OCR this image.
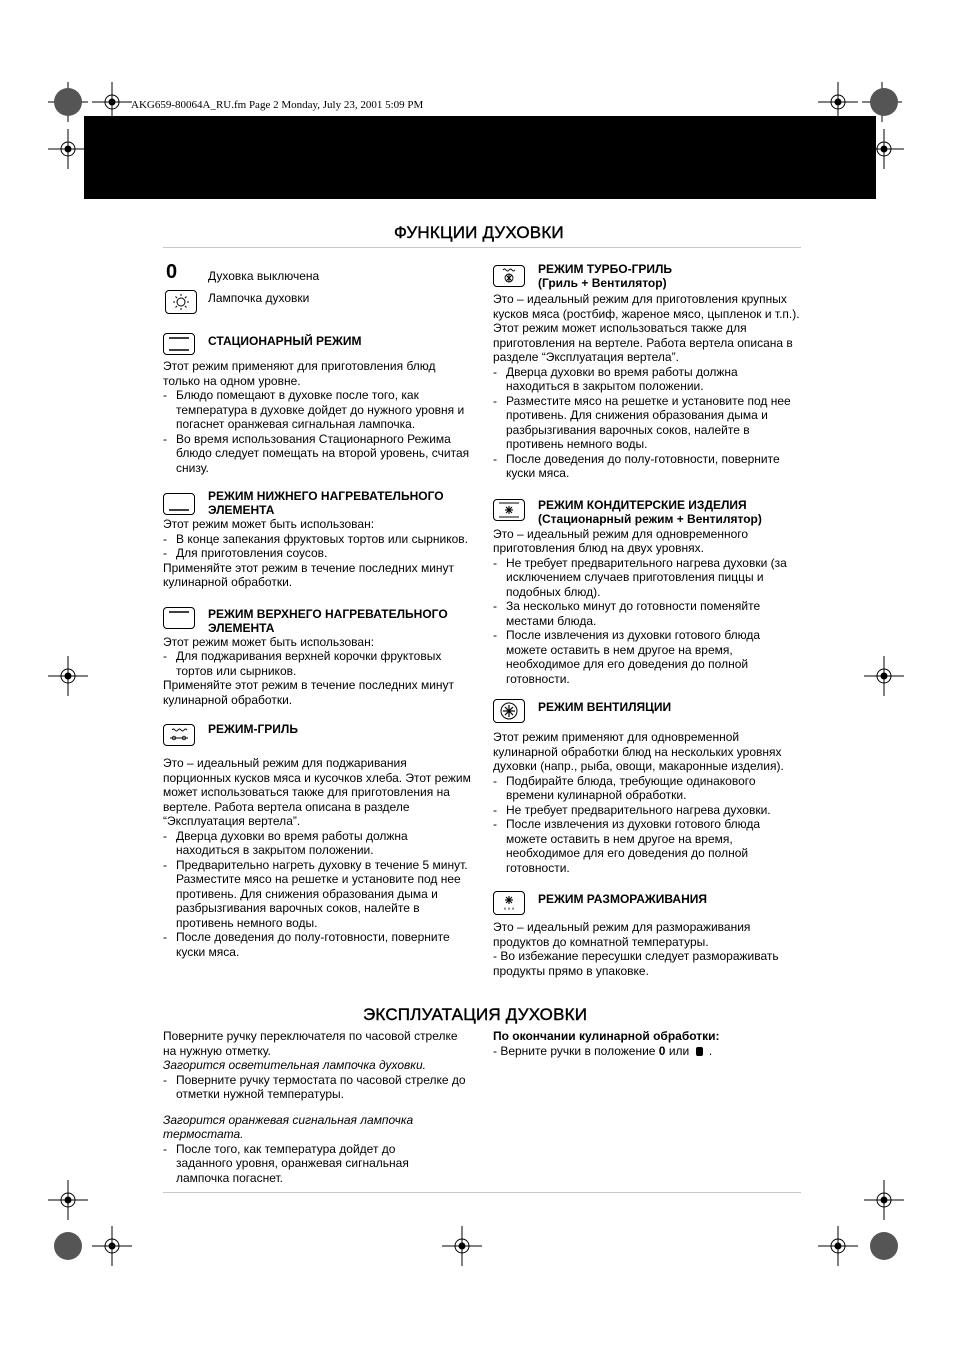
AKG659-80064A_RU.fm Page 2 Monday, July 23, 2001 5:09 PM
ФУНКЦИИ ДУХОВКИ
0	Духовка выключена
Лампочка духовки
СТАЦИОНАРНЫЙ РЕЖИМ

Этот режим применяют для приготовления блюд только на одном уровне.

- Блюдо помещают в духовке после того, как температура в духовке дойдет до нужного уровня и погаснет оранжевая сигнальная лампочка.
- Во время использования Стационарного Режима блюдо следует помещать на второй уровень, считая снизу.
РЕЖИМ НИЖНЕГО НАГРЕВАТЕЛЬНОГО
ЭЛЕМЕНТА

Этот режим может быть использован:

- В конце запекания фруктовых тортов или сырников.
- Для приготовления соусов.

Применяйте этот режим в течение последних минут кулинарной обработки.

РЕЖИМ ВЕРХНЕГО НАГРЕВАТЕЛЬНОГО
ЭЛЕМЕНТА

Этот режим может быть использован:

- Для поджаривания верхней корочки фруктовых тортов или сырников.

Применяйте этот режим в течение последних минут кулинарной обработки.

РЕЖИМ-ГРИЛЬ

Это – идеальный режим для поджаривания порционных кусков мяса и кусочков хлеба. Этот режим может использоваться также для приготовления на вертеле. Работа вертела описана в разделе “Эксплуатация вертела”.

- Дверца духовки во время работы должна находиться в закрытом положении.
- Предварительно нагреть духовку в течение 5 минут. Разместите мясо на решетке и установите под нее противень. Для снижения образования дыма и разбрызгивания варочных соков, налейте в противень немного воды.
- После доведения до полу-готовности, поверните куски мяса.
РЕЖИМ ТУРБО-ГРИЛЬ
(Гриль + Вентилятор)

Это – идеальный режим для приготовления крупных кусков мяса (ростбиф, жареное мясо, цыпленок и т.п.). Этот режим может использоваться также для приготовления на вертеле. Работа вертела описана в разделе “Эксплуатация вертела”.

- Дверца духовки во время работы должна находиться в закрытом положении.
- Разместите мясо на решетке и установите под нее противень. Для снижения образования дыма и разбрызгивания варочных соков, налейте в противень немного воды.
- После доведения до полу-готовности, поверните куски мяса.
РЕЖИМ КОНДИТЕРСКИЕ ИЗДЕЛИЯ
(Стационарный режим + Вентилятор)

Это – идеальный режим для одновременного приготовления блюд на двух уровнях.

- Не требует предварительного нагрева духовки (за исключением случаев приготовления пиццы и подобных блюд).
- За несколько минут до готовности поменяйте местами блюда.
- После извлечения из духовки готового блюда можете оставить в нем другое на время, необходимое для его доведения до полной готовности.
РЕЖИМ ВЕНТИЛЯЦИИ

Этот режим применяют для одновременной кулинарной обработки блюд на нескольких уровнях духовки (напр., рыба, овощи, макаронные изделия).

- Подбирайте блюда, требующие одинакового времени кулинарной обработки.
- Не требует предварительного нагрева духовки.
- После извлечения из духовки готового блюда можете оставить в нем другое на время, необходимое для его доведения до полной готовности.
РЕЖИМ РАЗМОРАЖИВАНИЯ

Это – идеальный режим для размораживания продуктов до комнатной температуры.

- Во избежание пересушки следует размораживать продукты прямо в упаковке.

ЭКСПЛУАТАЦИЯ ДУХОВКИ

Поверните ручку переключателя по часовой стрелке на нужную отметку.

Загорится осветительная лампочка духовки.

- Поверните ручку термостата по часовой стрелке до отметки нужной температуры.

Загорится оранжевая сигнальная лампочка термостата.

- После того, как температура дойдет до заданного уровня, оранжевая сигнальная лампочка погаснет.

По окончании кулинарной обработки:

- Верните ручки в положение 0 или  .
